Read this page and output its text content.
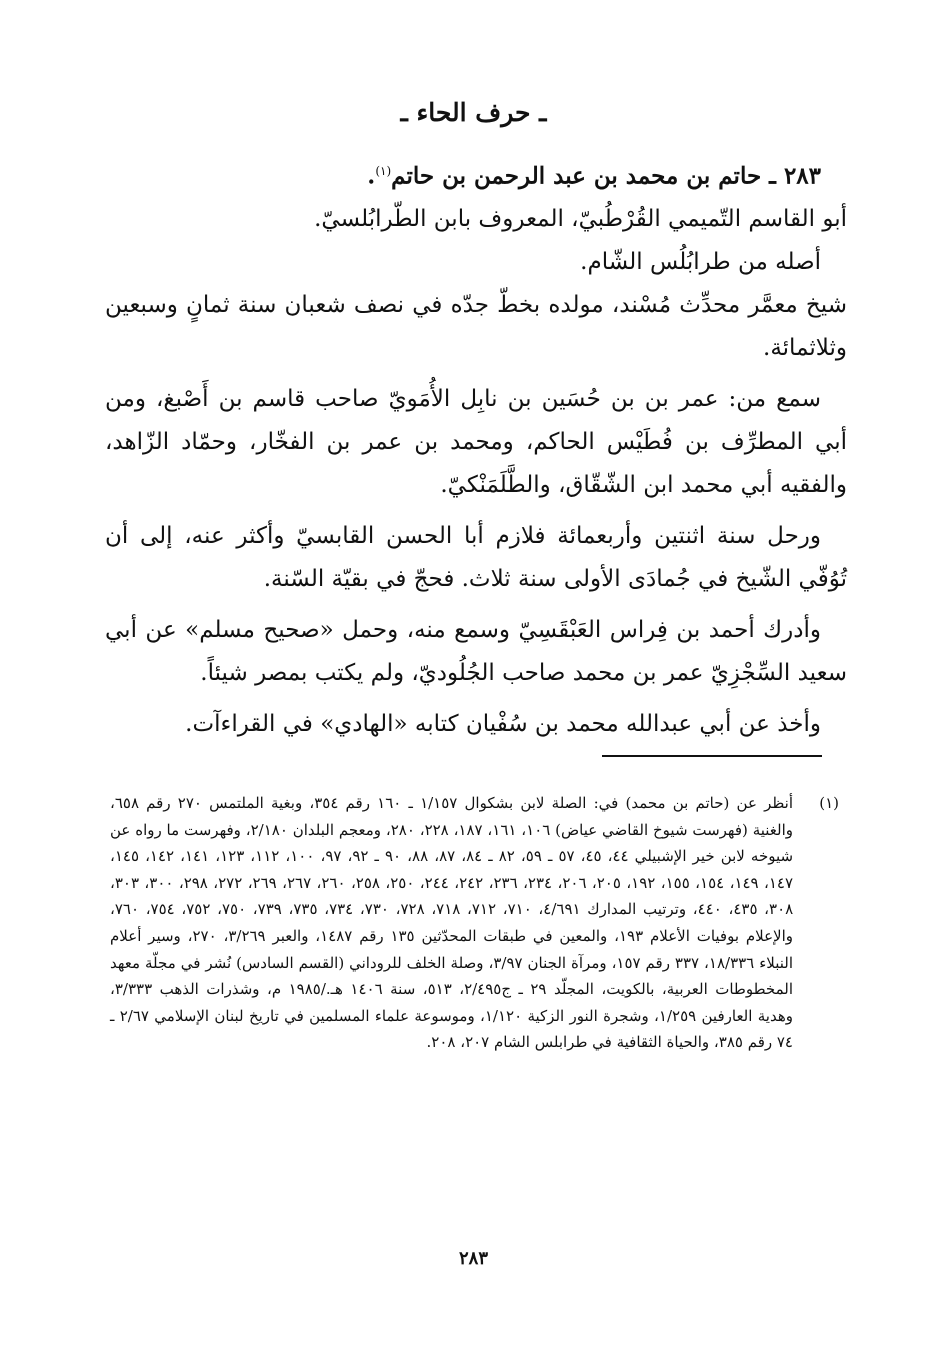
ـ حرف الحاء ـ

٢٨٣ ـ حاتم بن محمد بن عبد الرحمن بن حاتم$^{(١)}$.

أبو القاسم التّميمي القُرْطُبيّ، المعروف بابن الطّرابُلسيّ.

أصله من طرابُلُس الشّام.

شيخ معمَّر محدِّث مُسْند، مولده بخطّ جدّه في نصف شعبان سنة ثمانٍ وسبعين وثلاثمائة.

سمع من: عمر بن بن حُسَين بن نابِل الأُمَويّ صاحب قاسم بن أَصْبغ، ومن أبي المطرِّف بن فُطَيْس الحاكم، ومحمد بن عمر بن الفخّار، وحمّاد الزّاهد، والفقيه أبي محمد ابن الشّقّاق، والطَّلَمَنْكيّ.

ورحل سنة اثنتين وأربعمائة فلازم أبا الحسن القابسيّ وأكثر عنه، إلى أن تُوُفّي الشّيخ في جُمادَى الأولى سنة ثلاث. فحجّ في بقيّة السّنة.

وأدرك أحمد بن فِراس العَبْقَسِيّ وسمع منه، وحمل «صحيح مسلم» عن أبي سعيد السِّجْزِيّ عمر بن محمد صاحب الجُلُوديّ، ولم يكتب بمصر شيئاً.

وأخذ عن أبي عبدالله محمد بن سُفْيان كتابه «الهادي» في القراءآت.

(١)
أنظر عن (حاتم بن محمد) في: الصلة لابن بشكوال ١/١٥٧ ـ ١٦٠ رقم ٣٥٤، وبغية الملتمس ٢٧٠ رقم ٦٥٨، والغنية (فهرست شيوخ القاضي عياض) ١٠٦، ١٦١، ١٨٧، ٢٢٨، ٢٨٠، ومعجم البلدان ٢/١٨٠، وفهرست ما رواه عن شيوخه لابن خير الإشبيلي ٤٤، ٤٥، ٥٧ ـ ٥٩، ٨٢ ـ ٨٤، ٨٧، ٨٨، ٩٠ ـ ٩٢، ٩٧، ١٠٠، ١١٢، ١٢٣، ١٤١، ١٤٢، ١٤٥، ١٤٧، ١٤٩، ١٥٤، ١٥٥، ١٩٢، ٢٠٥، ٢٠٦، ٢٣٤، ٢٣٦، ٢٤٢، ٢٤٤، ٢٥٠، ٢٥٨، ٢٦٠، ٢٦٧، ٢٦٩، ٢٧٢، ٢٩٨، ٣٠٠، ٣٠٣، ٣٠٨، ٤٣٥، ٤٤٠، وترتيب المدارك ٤/٦٩١، ٧١٠، ٧١٢، ٧١٨، ٧٢٨، ٧٣٠، ٧٣٤، ٧٣٥، ٧٣٩، ٧٥٠، ٧٥٢، ٧٥٤، ٧٦٠، والإعلام بوفيات الأعلام ١٩٣، والمعين في طبقات المحدّثين ١٣٥ رقم ١٤٨٧، والعبر ٣/٢٦٩، ٢٧٠، وسير أعلام النبلاء ١٨/٣٣٦، ٣٣٧ رقم ١٥٧، ومرآة الجنان ٣/٩٧، وصلة الخلف للروداني (القسم السادس) نُشر في مجلّة معهد المخطوطات العربية، بالكويت، المجلّد ٢٩ ـ ج٢/٤٩٥، ٥١٣، سنة ١٤٠٦ هـ./١٩٨٥ م، وشذرات الذهب ٣/٣٣٣، وهدية العارفين ١/٢٥٩، وشجرة النور الزكية ١/١٢٠، وموسوعة علماء المسلمين في تاريخ لبنان الإسلامي ٢/٦٧ ـ ٧٤ رقم ٣٨٥، والحياة الثقافية في طرابلس الشام ٢٠٧، ٢٠٨.
٢٨٣
